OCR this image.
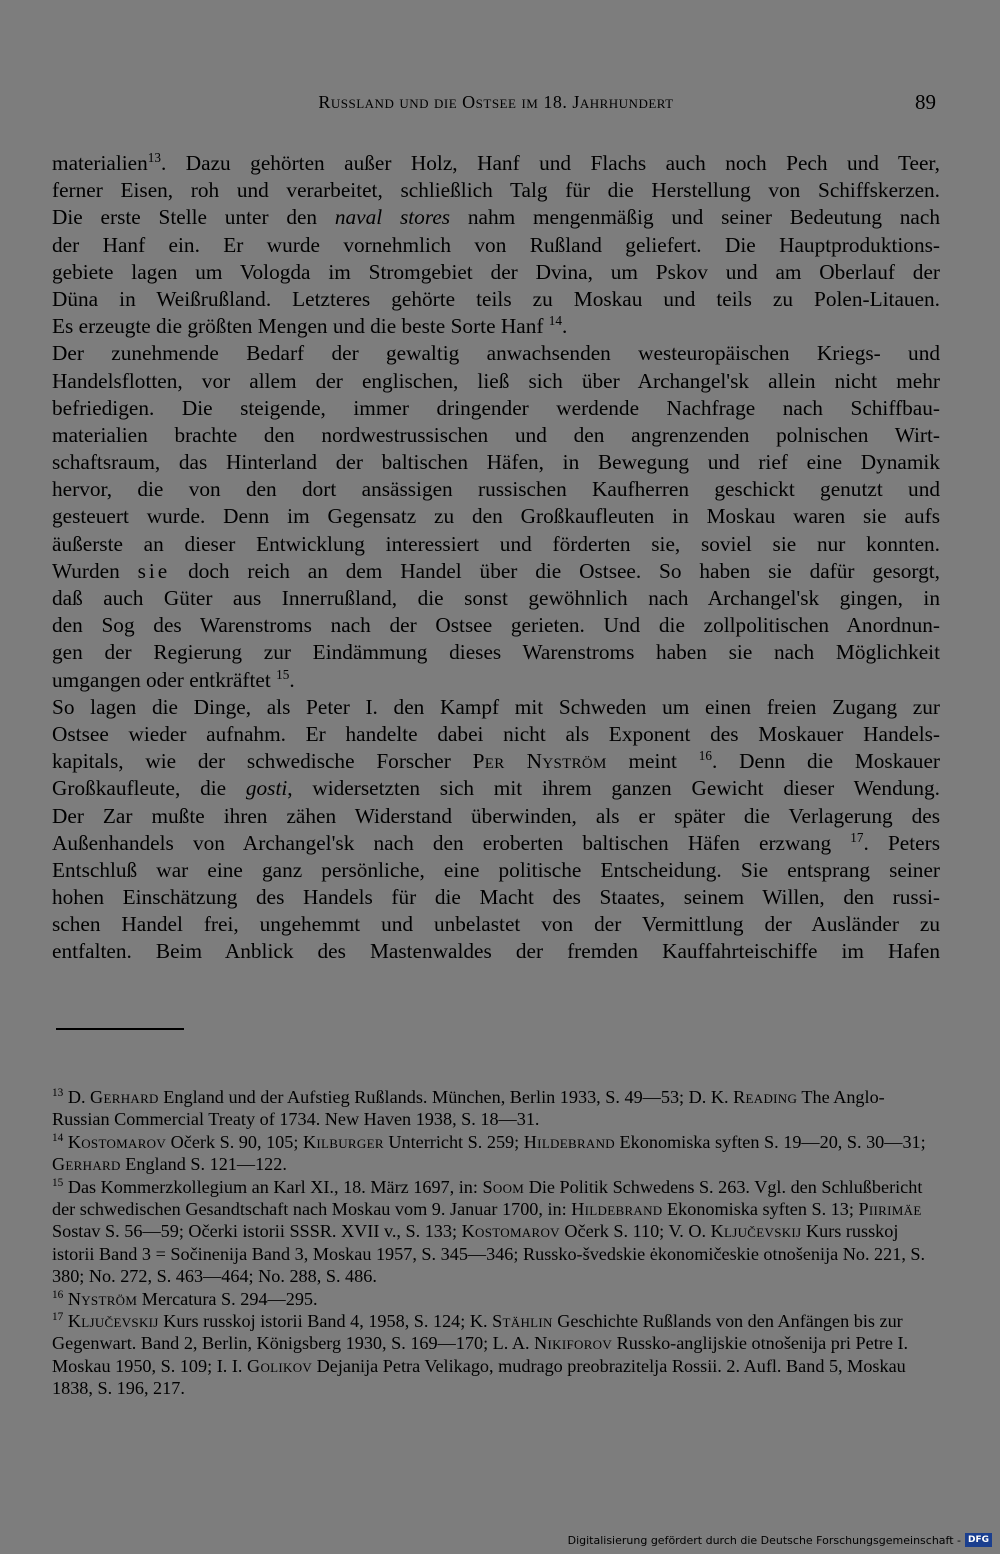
Russland und die Ostsee im 18. Jahrhundert	89
materialien$^{13}$. Dazu gehörten außer Holz, Hanf und Flachs auch noch Pech und Teer,
ferner Eisen, roh und verarbeitet, schließlich Talg für die Herstellung von Schiffskerzen.
Die erste Stelle unter den naval stores nahm mengenmäßig und seiner Bedeutung nach
der Hanf ein. Er wurde vornehmlich von Rußland geliefert. Die Hauptproduktions-
gebiete lagen um Vologda im Stromgebiet der Dvina, um Pskov und am Oberlauf der
Düna in Weißrußland. Letzteres gehörte teils zu Moskau und teils zu Polen-Litauen.
Es erzeugte die größten Mengen und die beste Sorte Hanf $^{14}$.
Der zunehmende Bedarf der gewaltig anwachsenden westeuropäischen Kriegs- und
Handelsflotten, vor allem der englischen, ließ sich über Archangel'sk allein nicht mehr
befriedigen. Die steigende, immer dringender werdende Nachfrage nach Schiffbau-
materialien brachte den nordwestrussischen und den angrenzenden polnischen Wirt-
schaftsraum, das Hinterland der baltischen Häfen, in Bewegung und rief eine Dynamik
hervor, die von den dort ansässigen russischen Kaufherren geschickt genutzt und
gesteuert wurde. Denn im Gegensatz zu den Großkaufleuten in Moskau waren sie aufs
äußerste an dieser Entwicklung interessiert und förderten sie, soviel sie nur konnten.
Wurden sie doch reich an dem Handel über die Ostsee. So haben sie dafür gesorgt,
daß auch Güter aus Innerrußland, die sonst gewöhnlich nach Archangel'sk gingen, in
den Sog des Warenstroms nach der Ostsee gerieten. Und die zollpolitischen Anordnun-
gen der Regierung zur Eindämmung dieses Warenstroms haben sie nach Möglichkeit
umgangen oder entkräftet $^{15}$.
So lagen die Dinge, als Peter I. den Kampf mit Schweden um einen freien Zugang zur
Ostsee wieder aufnahm. Er handelte dabei nicht als Exponent des Moskauer Handels-
kapitals, wie der schwedische Forscher Per Nyström meint $^{16}$. Denn die Moskauer
Großkaufleute, die gosti, widersetzten sich mit ihrem ganzen Gewicht dieser Wendung.
Der Zar mußte ihren zähen Widerstand überwinden, als er später die Verlagerung des
Außenhandels von Archangel'sk nach den eroberten baltischen Häfen erzwang $^{17}$. Peters
Entschluß war eine ganz persönliche, eine politische Entscheidung. Sie entsprang seiner
hohen Einschätzung des Handels für die Macht des Staates, seinem Willen, den russi-
schen Handel frei, ungehemmt und unbelastet von der Vermittlung der Ausländer zu
entfalten. Beim Anblick des Mastenwaldes der fremden Kauffahrteischiffe im Hafen
$^{13}$ D. Gerhard England und der Aufstieg Rußlands. München, Berlin 1933, S. 49—53; D. K. Reading The Anglo-Russian Commercial Treaty of 1734. New Haven 1938, S. 18—31.
$^{14}$ Kostomarov Očerk S. 90, 105; Kilburger Unterricht S. 259; Hildebrand Ekonomiska syften S. 19—20, S. 30—31; Gerhard England S. 121—122.
$^{15}$ Das Kommerzkollegium an Karl XI., 18. März 1697, in: Soom Die Politik Schwedens S. 263. Vgl. den Schlußbericht der schwedischen Gesandtschaft nach Moskau vom 9. Januar 1700, in: Hildebrand Ekonomiska syften S. 13; Piirimäe Sostav S. 56—59; Očerki istorii SSSR. XVII v., S. 133; Kostomarov Očerk S. 110; V. O. Ključevskij Kurs russkoj istorii Band 3 = Sočinenija Band 3, Moskau 1957, S. 345—346; Russko-švedskie ėkonomičeskie otnošenija No. 221, S. 380; No. 272, S. 463—464; No. 288, S. 486.
$^{16}$ Nyström Mercatura S. 294—295.
$^{17}$ Ključevskij Kurs russkoj istorii Band 4, 1958, S. 124; K. Stählin Geschichte Rußlands von den Anfängen bis zur Gegenwart. Band 2, Berlin, Königsberg 1930, S. 169—170; L. A. Nikiforov Russko-anglijskie otnošenija pri Petre I. Moskau 1950, S. 109; I. I. Golikov Dejanija Petra Velikago, mudrago preobrazitelja Rossii. 2. Aufl. Band 5, Moskau 1838, S. 196, 217.
Digitalisierung gefördert durch die Deutsche Forschungsgemeinschaft - DFG
